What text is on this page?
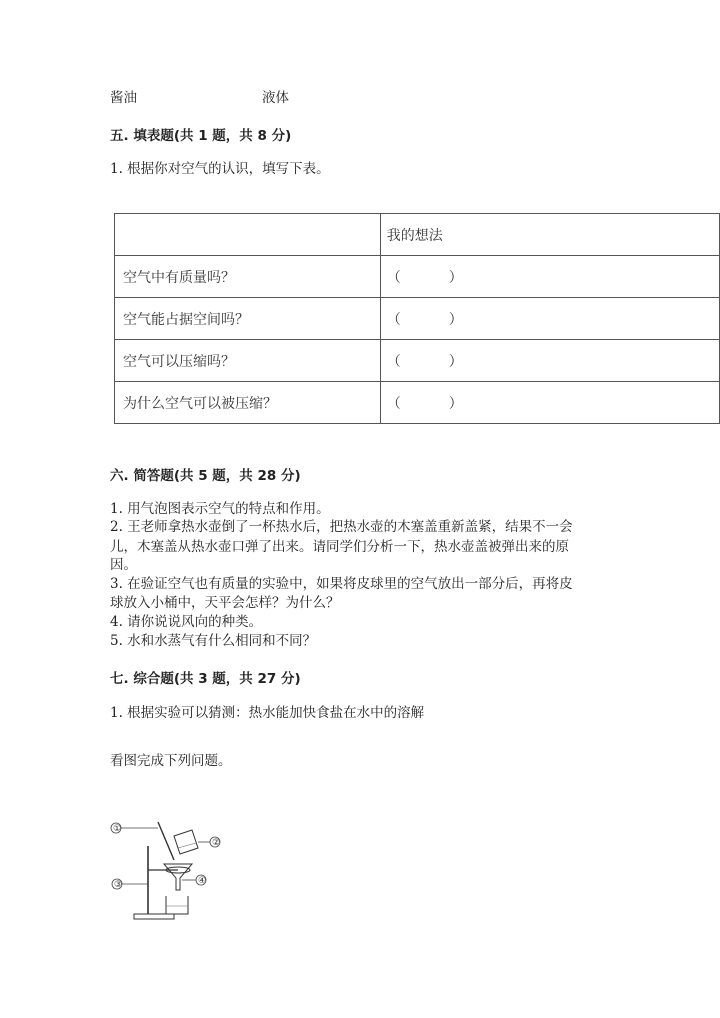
酱油	液体
五. 填表题(共 1 题，共 8 分)
1. 根据你对空气的认识，填写下表。
	我的想法
空气中有质量吗？	（ ）
空气能占据空间吗？	（ ）
空气可以压缩吗？	（ ）
为什么空气可以被压缩？	（ ）
六. 简答题(共 5 题，共 28 分)
1. 用气泡图表示空气的特点和作用。
2. 王老师拿热水壶倒了一杯热水后，把热水壶的木塞盖重新盖紧，结果不一会
儿，木塞盖从热水壶口弹了出来。请同学们分析一下，热水壶盖被弹出来的原
因。
3. 在验证空气也有质量的实验中，如果将皮球里的空气放出一部分后，再将皮
球放入小桶中，天平会怎样？为什么？
4. 请你说说风向的种类。
5. 水和水蒸气有什么相同和不同？
七. 综合题(共 3 题，共 27 分)
1. 根据实验可以猜测：热水能加快食盐在水中的溶解
看图完成下列问题。
①
②
③	④
